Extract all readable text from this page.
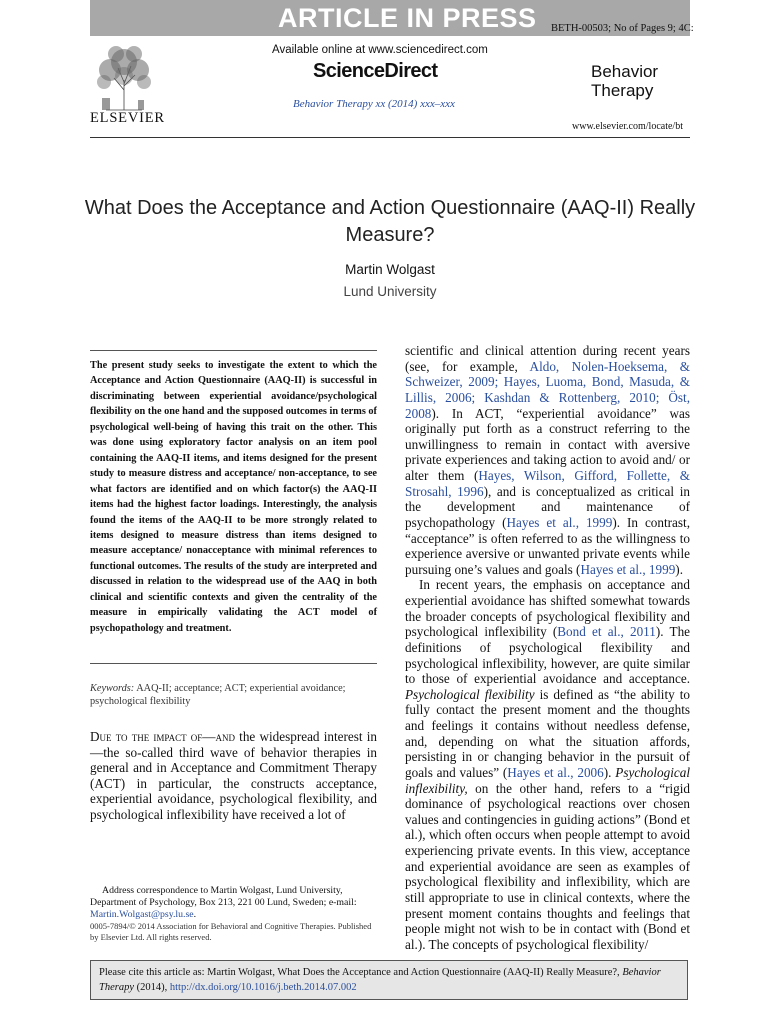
ARTICLE IN PRESS BETH-00503; No of Pages 9; 4C:
ELSEVIER
Available online at www.sciencedirect.com
ScienceDirect
Behavior Therapy xx (2014) xxx–xxx
Behavior Therapy
www.elsevier.com/locate/bt
What Does the Acceptance and Action Questionnaire (AAQ-II) Really Measure?
Martin Wolgast
Lund University
The present study seeks to investigate the extent to which the Acceptance and Action Questionnaire (AAQ-II) is successful in discriminating between experiential avoidance/psychological flexibility on the one hand and the supposed outcomes in terms of psychological well-being of having this trait on the other. This was done using exploratory factor analysis on an item pool containing the AAQ-II items, and items designed for the present study to measure distress and acceptance/ non-acceptance, to see what factors are identified and on which factor(s) the AAQ-II items had the highest factor loadings. Interestingly, the analysis found the items of the AAQ-II to be more strongly related to items designed to measure distress than items designed to measure acceptance/ nonacceptance with minimal references to functional outcomes. The results of the study are interpreted and discussed in relation to the widespread use of the AAQ in both clinical and scientific contexts and given the centrality of the measure in empirically validating the ACT model of psychopathology and treatment.
Keywords: AAQ-II; acceptance; ACT; experiential avoidance; psychological flexibility
Due to the impact of—and the widespread interest in—the so-called third wave of behavior therapies in general and in Acceptance and Commitment Therapy (ACT) in particular, the constructs acceptance, experiential avoidance, psychological flexibility, and psychological inflexibility have received a lot of

Address correspondence to Martin Wolgast, Lund University, Department of Psychology, Box 213, 221 00 Lund, Sweden; e-mail: Martin.Wolgast@psy.lu.se.

0005-7894/© 2014 Association for Behavioral and Cognitive Therapies. Published by Elsevier Ltd. All rights reserved.

scientific and clinical attention during recent years (see, for example, Aldo, Nolen-Hoeksema, & Schweizer, 2009; Hayes, Luoma, Bond, Masuda, & Lillis, 2006; Kashdan & Rottenberg, 2010; Öst, 2008). In ACT, “experiential avoidance” was originally put forth as a construct referring to the unwillingness to remain in contact with aversive private experiences and taking action to avoid and/ or alter them (Hayes, Wilson, Gifford, Follette, & Strosahl, 1996), and is conceptualized as critical in the development and maintenance of psychopathology (Hayes et al., 1999). In contrast, “acceptance” is often referred to as the willingness to experience aversive or unwanted private events while pursuing one’s values and goals (Hayes et al., 1999).

In recent years, the emphasis on acceptance and experiential avoidance has shifted somewhat towards the broader concepts of psychological flexibility and psychological inflexibility (Bond et al., 2011). The definitions of psychological flexibility and psychological inflexibility, however, are quite similar to those of experiential avoidance and acceptance. Psychological flexibility is defined as “the ability to fully contact the present moment and the thoughts and feelings it contains without needless defense, and, depending on what the situation affords, persisting in or changing behavior in the pursuit of goals and values” (Hayes et al., 2006). Psychological inflexibility, on the other hand, refers to a “rigid dominance of psychological reactions over chosen values and contingencies in guiding actions” (Bond et al.), which often occurs when people attempt to avoid experiencing private events. In this view, acceptance and experiential avoidance are seen as examples of psychological flexibility and inflexibility, which are still appropriate to use in clinical contexts, where the present moment contains thoughts and feelings that people might not wish to be in contact with (Bond et al.). The concepts of psychological flexibility/

Please cite this article as: Martin Wolgast, What Does the Acceptance and Action Questionnaire (AAQ-II) Really Measure?, Behavior Therapy (2014), http://dx.doi.org/10.1016/j.beth.2014.07.002
